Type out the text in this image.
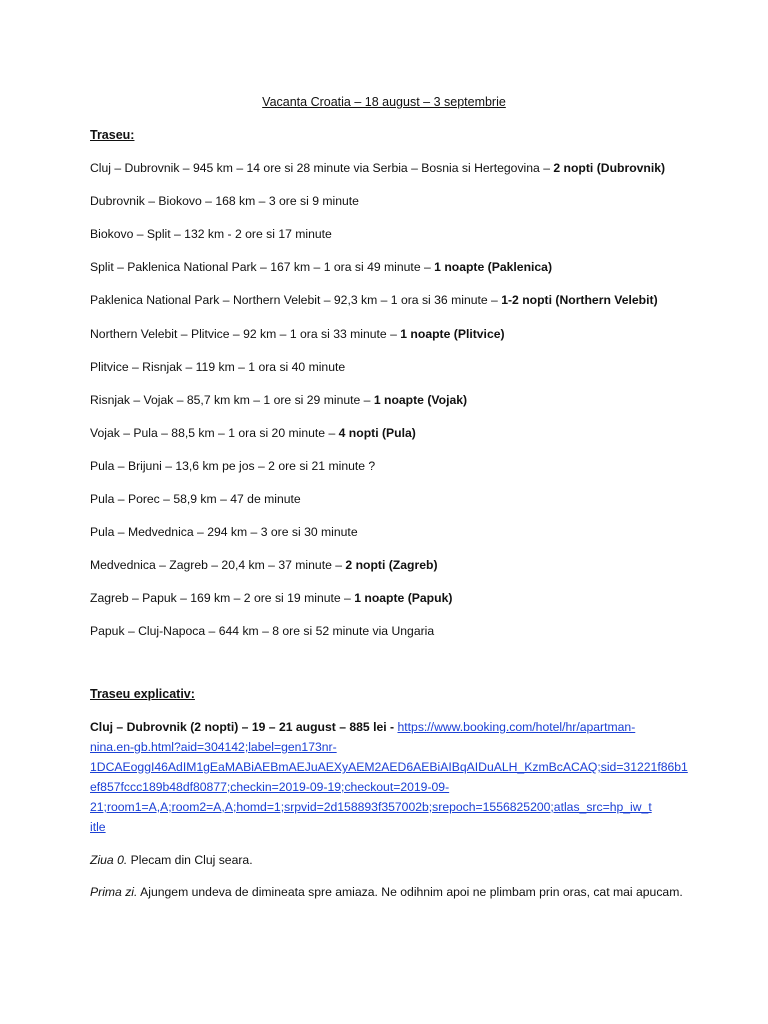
Vacanta Croatia – 18 august – 3 septembrie
Traseu:
Cluj – Dubrovnik – 945 km – 14 ore si 28 minute via Serbia – Bosnia si Hertegovina – 2 nopti (Dubrovnik)
Dubrovnik – Biokovo – 168 km – 3 ore si 9 minute
Biokovo – Split – 132 km - 2 ore si 17 minute
Split – Paklenica National Park – 167 km – 1 ora si 49 minute – 1 noapte (Paklenica)
Paklenica National Park – Northern Velebit – 92,3 km – 1 ora si 36 minute – 1-2 nopti (Northern Velebit)
Northern Velebit – Plitvice – 92 km – 1 ora si 33 minute – 1 noapte (Plitvice)
Plitvice – Risnjak – 119 km – 1 ora si 40 minute
Risnjak – Vojak – 85,7 km km – 1 ore si 29 minute – 1 noapte (Vojak)
Vojak – Pula – 88,5 km – 1 ora si 20 minute – 4 nopti (Pula)
Pula – Brijuni – 13,6 km pe jos – 2 ore si 21 minute ?
Pula – Porec – 58,9 km – 47 de minute
Pula – Medvednica – 294 km – 3 ore si 30 minute
Medvednica – Zagreb – 20,4 km – 37 minute – 2 nopti (Zagreb)
Zagreb – Papuk – 169 km – 2 ore si 19 minute – 1 noapte (Papuk)
Papuk – Cluj-Napoca – 644 km – 8 ore si 52 minute via Ungaria
Traseu explicativ:
Cluj – Dubrovnik (2 nopti) – 19 – 21 august – 885 lei - https://www.booking.com/hotel/hr/apartman-
nina.en-gb.html?aid=304142;label=gen173nr-
1DCAEoggI46AdIM1gEaMABiAEBmAEJuAEXyAEM2AED6AEBiAIBqAIDuALH_KzmBcACAQ;sid=31221f86b1
ef857fccc189b48df80877;checkin=2019-09-19;checkout=2019-09-
21;room1=A,A;room2=A,A;homd=1;srpvid=2d158893f357002b;srepoch=1556825200;atlas_src=hp_iw_t
itle
Ziua 0. Plecam din Cluj seara.
Prima zi. Ajungem undeva de dimineata spre amiaza. Ne odihnim apoi ne plimbam prin oras, cat mai apucam.
